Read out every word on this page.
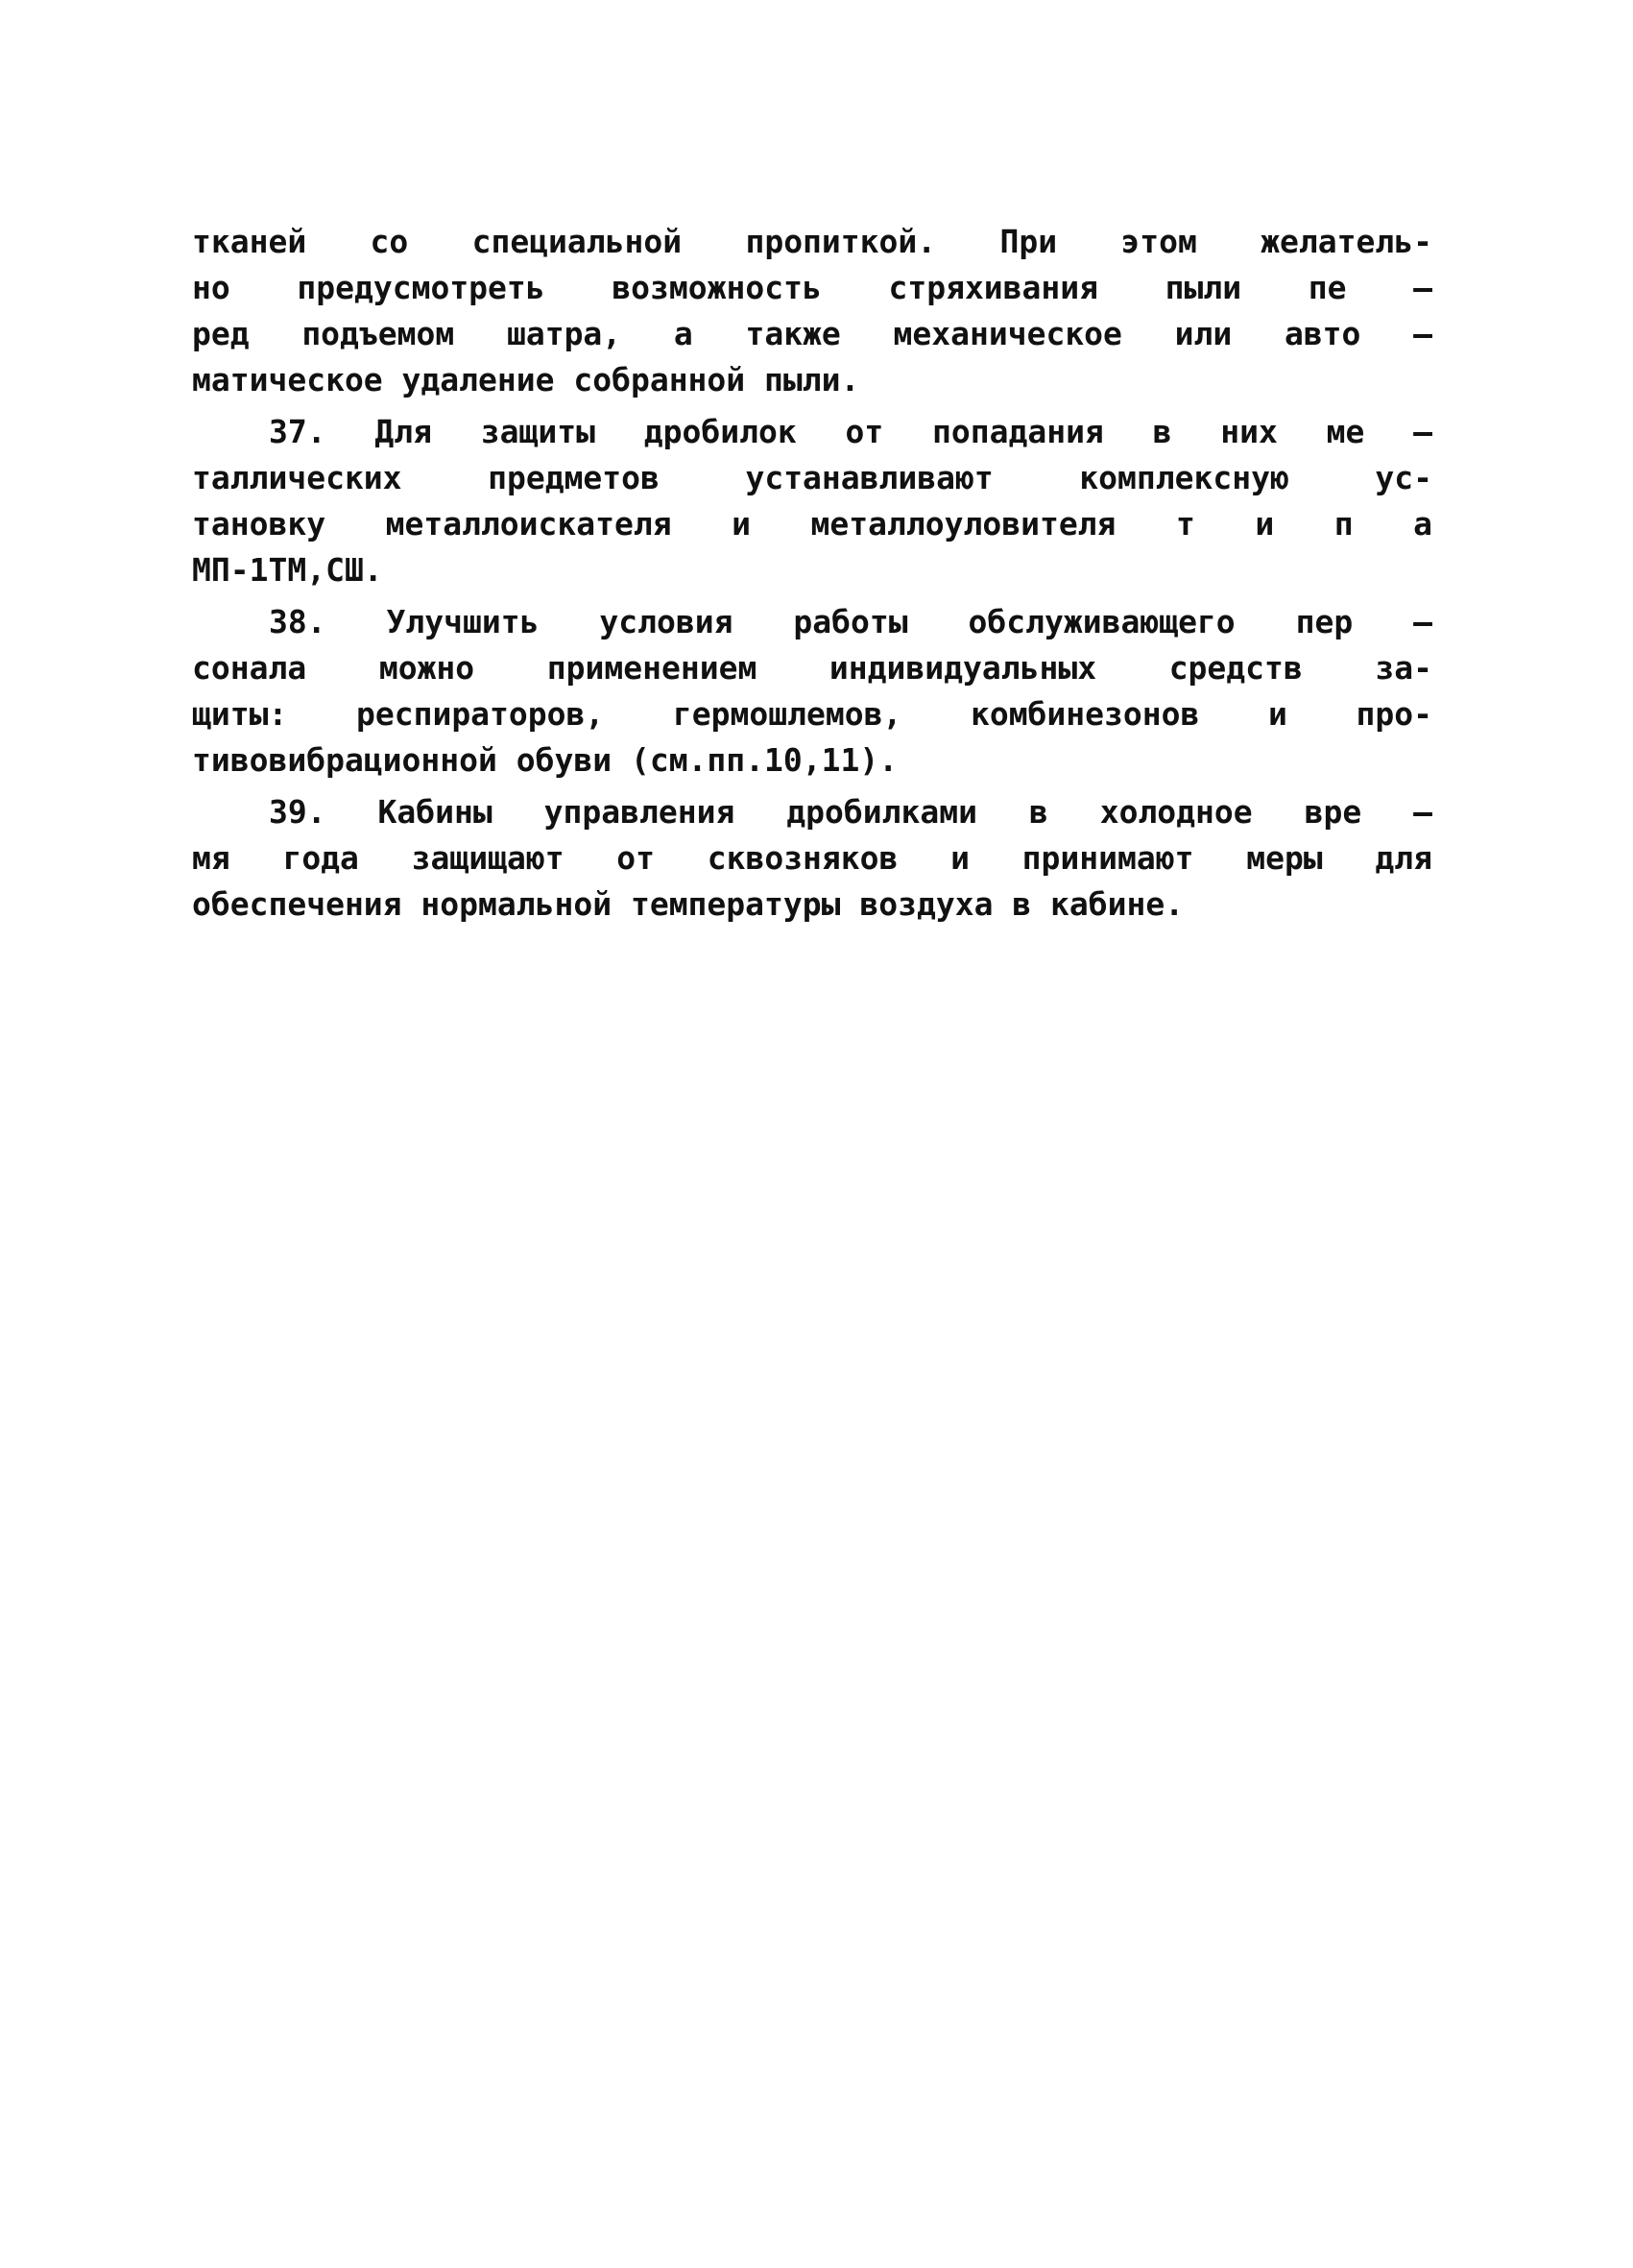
тканей со специальной пропиткой. При этом желатель-
но предусмотреть возможность стряхивания пыли пе –
ред подъемом шатра, а также механическое или авто –
матическое удаление собранной пыли.

37. Для защиты дробилок от попадания в них ме –
таллических предметов устанавливают комплексную ус-
тановку металлоискателя и металлоуловителя т и п а
МП-1ТМ,СШ.

38. Улучшить условия работы обслуживающего пер –
сонала можно применением индивидуальных средств за-
щиты: респираторов, гермошлемов, комбинезонов и про-
тивовибрационной обуви (см.пп.10,11).

39. Кабины управления дробилками в холодное вре –
мя года защищают от сквозняков и принимают меры для
обеспечения нормальной температуры воздуха в кабине.
